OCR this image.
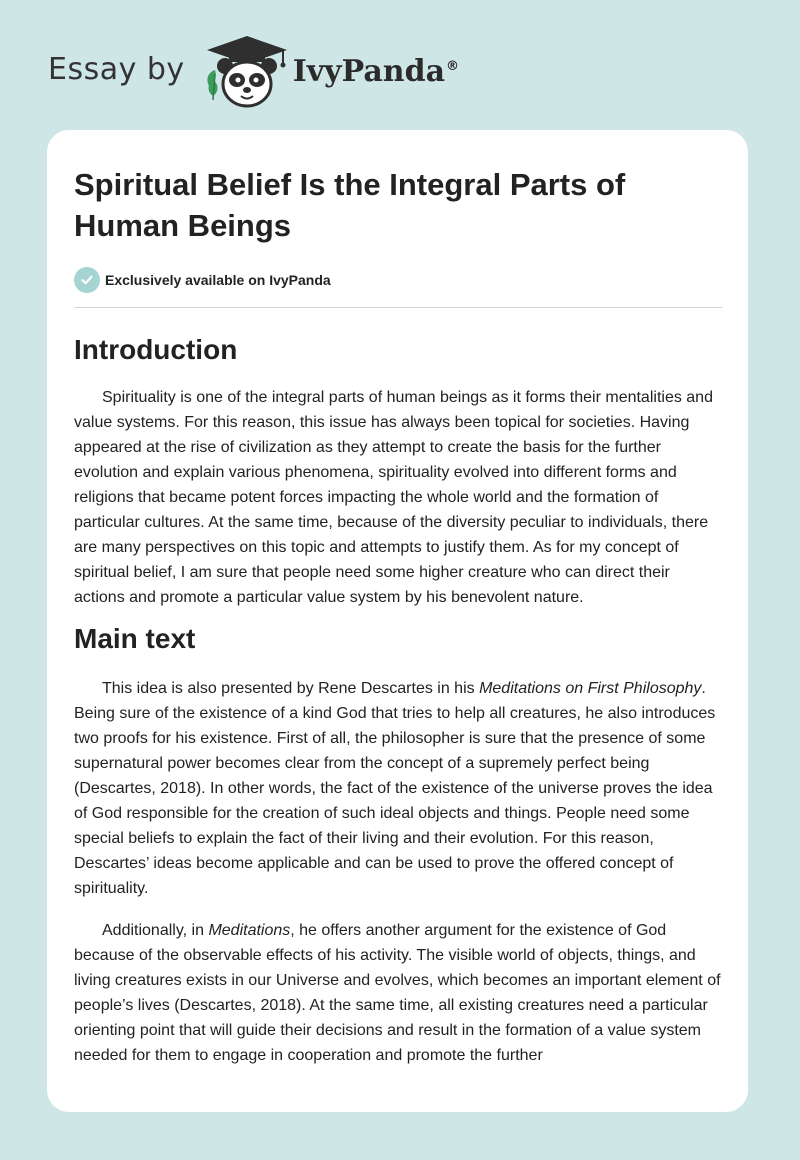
Essay by	IvyPanda®
Spiritual Belief Is the Integral Parts of Human Beings
Exclusively available on IvyPanda
Introduction

Spirituality is one of the integral parts of human beings as it forms their mentalities and value systems. For this reason, this issue has always been topical for societies. Having appeared at the rise of civilization as they attempt to create the basis for the further evolution and explain various phenomena, spirituality evolved into different forms and religions that became potent forces impacting the whole world and the formation of particular cultures. At the same time, because of the diversity peculiar to individuals, there are many perspectives on this topic and attempts to justify them. As for my concept of spiritual belief, I am sure that people need some higher creature who can direct their actions and promote a particular value system by his benevolent nature.

Main text

This idea is also presented by Rene Descartes in his Meditations on First Philosophy. Being sure of the existence of a kind God that tries to help all creatures, he also introduces two proofs for his existence. First of all, the philosopher is sure that the presence of some supernatural power becomes clear from the concept of a supremely perfect being (Descartes, 2018). In other words, the fact of the existence of the universe proves the idea of God responsible for the creation of such ideal objects and things. People need some special beliefs to explain the fact of their living and their evolution. For this reason, Descartes’ ideas become applicable and can be used to prove the offered concept of spirituality.

Additionally, in Meditations, he offers another argument for the existence of God because of the observable effects of his activity. The visible world of objects, things, and living creatures exists in our Universe and evolves, which becomes an important element of people’s lives (Descartes, 2018). At the same time, all existing creatures need a particular orienting point that will guide their decisions and result in the formation of a value system needed for them to engage in cooperation and promote the further
